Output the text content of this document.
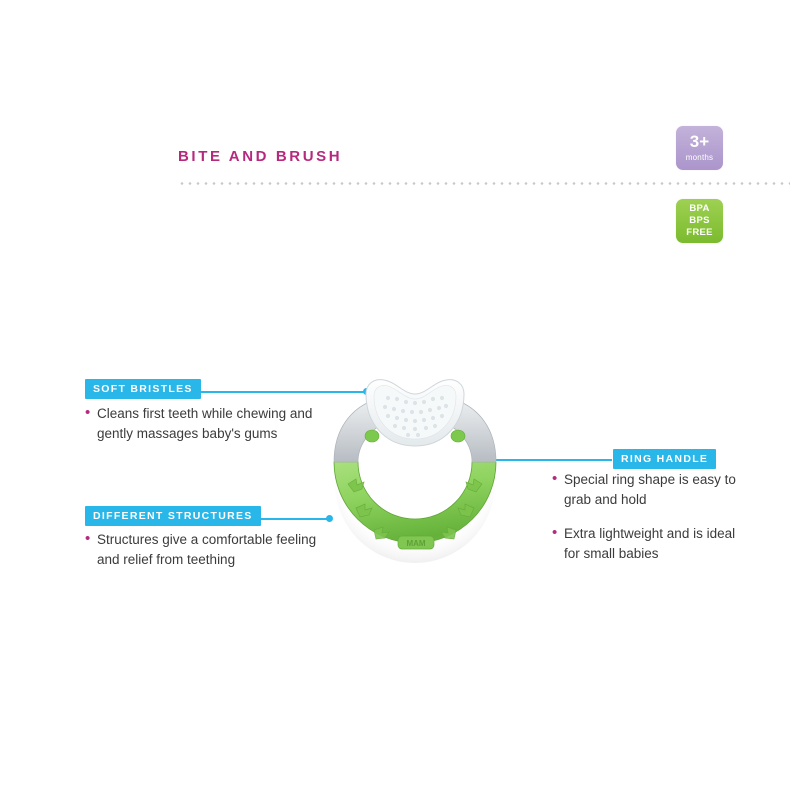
BITE AND BRUSH
3+
months
BPA
BPS
FREE
SOFT BRISTLES

• Cleans first teeth while chewing and gently massages baby's gums

DIFFERENT STRUCTURES

• Structures give a comfortable feeling and relief from teething

RING HANDLE

• Special ring shape is easy to grab and hold

• Extra lightweight and is ideal for small babies
